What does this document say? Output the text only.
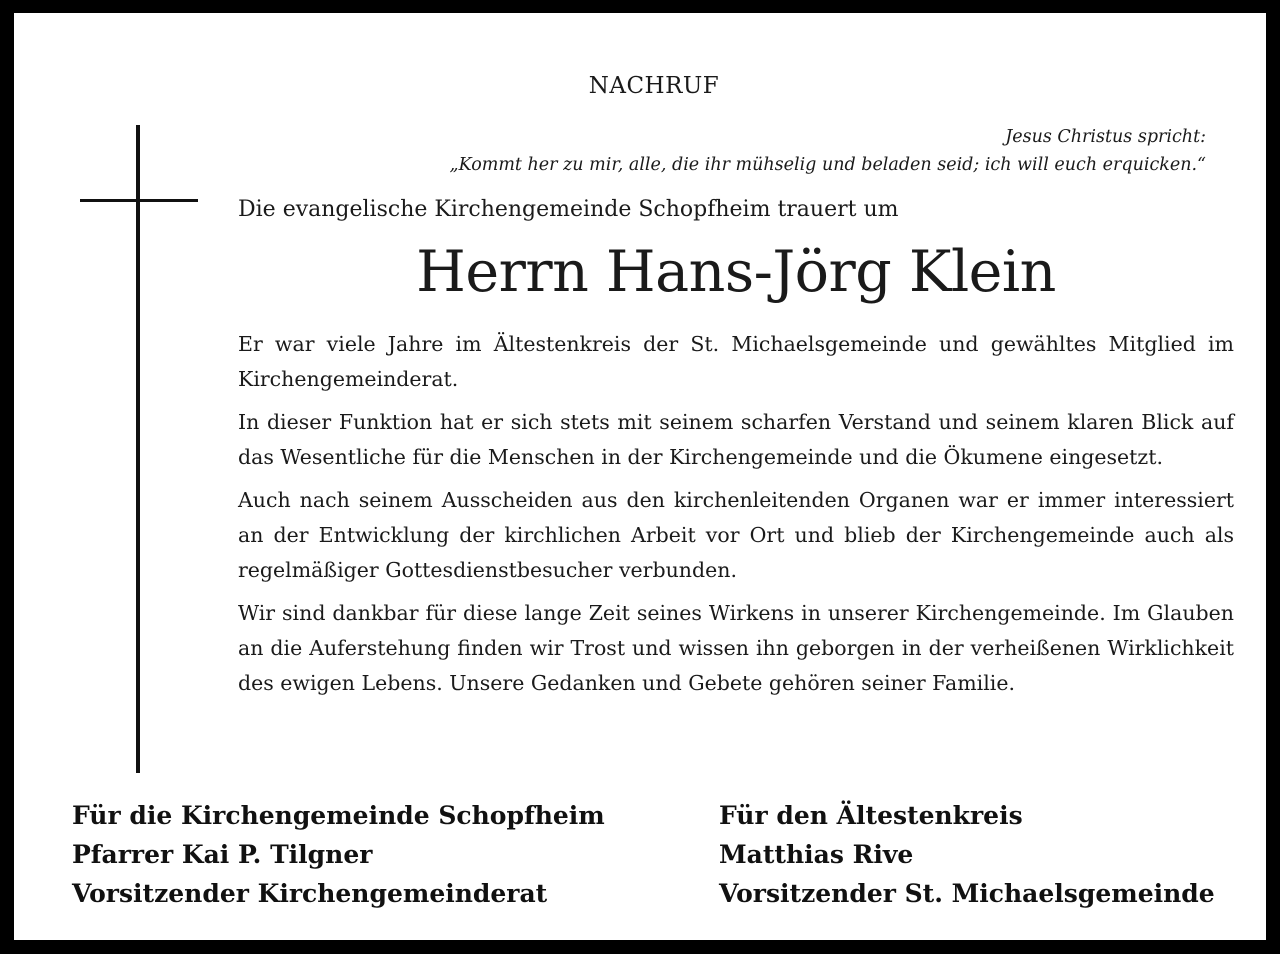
NACHRUF
Jesus Christus spricht:
„Kommt her zu mir, alle, die ihr mühselig und beladen seid; ich will euch erquicken.“
Die evangelische Kirchengemeinde Schopfheim trauert um
Herrn Hans-Jörg Klein

Er war viele Jahre im Ältestenkreis der St. Michaelsgemeinde und gewähltes Mitglied im Kirchengemeinderat.

In dieser Funktion hat er sich stets mit seinem scharfen Verstand und seinem klaren Blick auf das Wesentliche für die Menschen in der Kirchengemeinde und die Ökumene eingesetzt.

Auch nach seinem Ausscheiden aus den kirchenleitenden Organen war er immer interessiert an der Entwicklung der kirchlichen Arbeit vor Ort und blieb der Kirchengemeinde auch als regelmäßiger Gottesdienstbesucher verbunden.

Wir sind dankbar für diese lange Zeit seines Wirkens in unserer Kirchengemeinde. Im Glauben an die Auferstehung finden wir Trost und wissen ihn geborgen in der verheißenen Wirklichkeit des ewigen Lebens. Unsere Gedanken und Gebete gehören seiner Familie.

Für die Kirchengemeinde Schopfheim
Pfarrer Kai P. Tilgner
Vorsitzender Kirchengemeinderat
Für den Ältestenkreis
Matthias Rive
Vorsitzender St. Michaelsgemeinde
